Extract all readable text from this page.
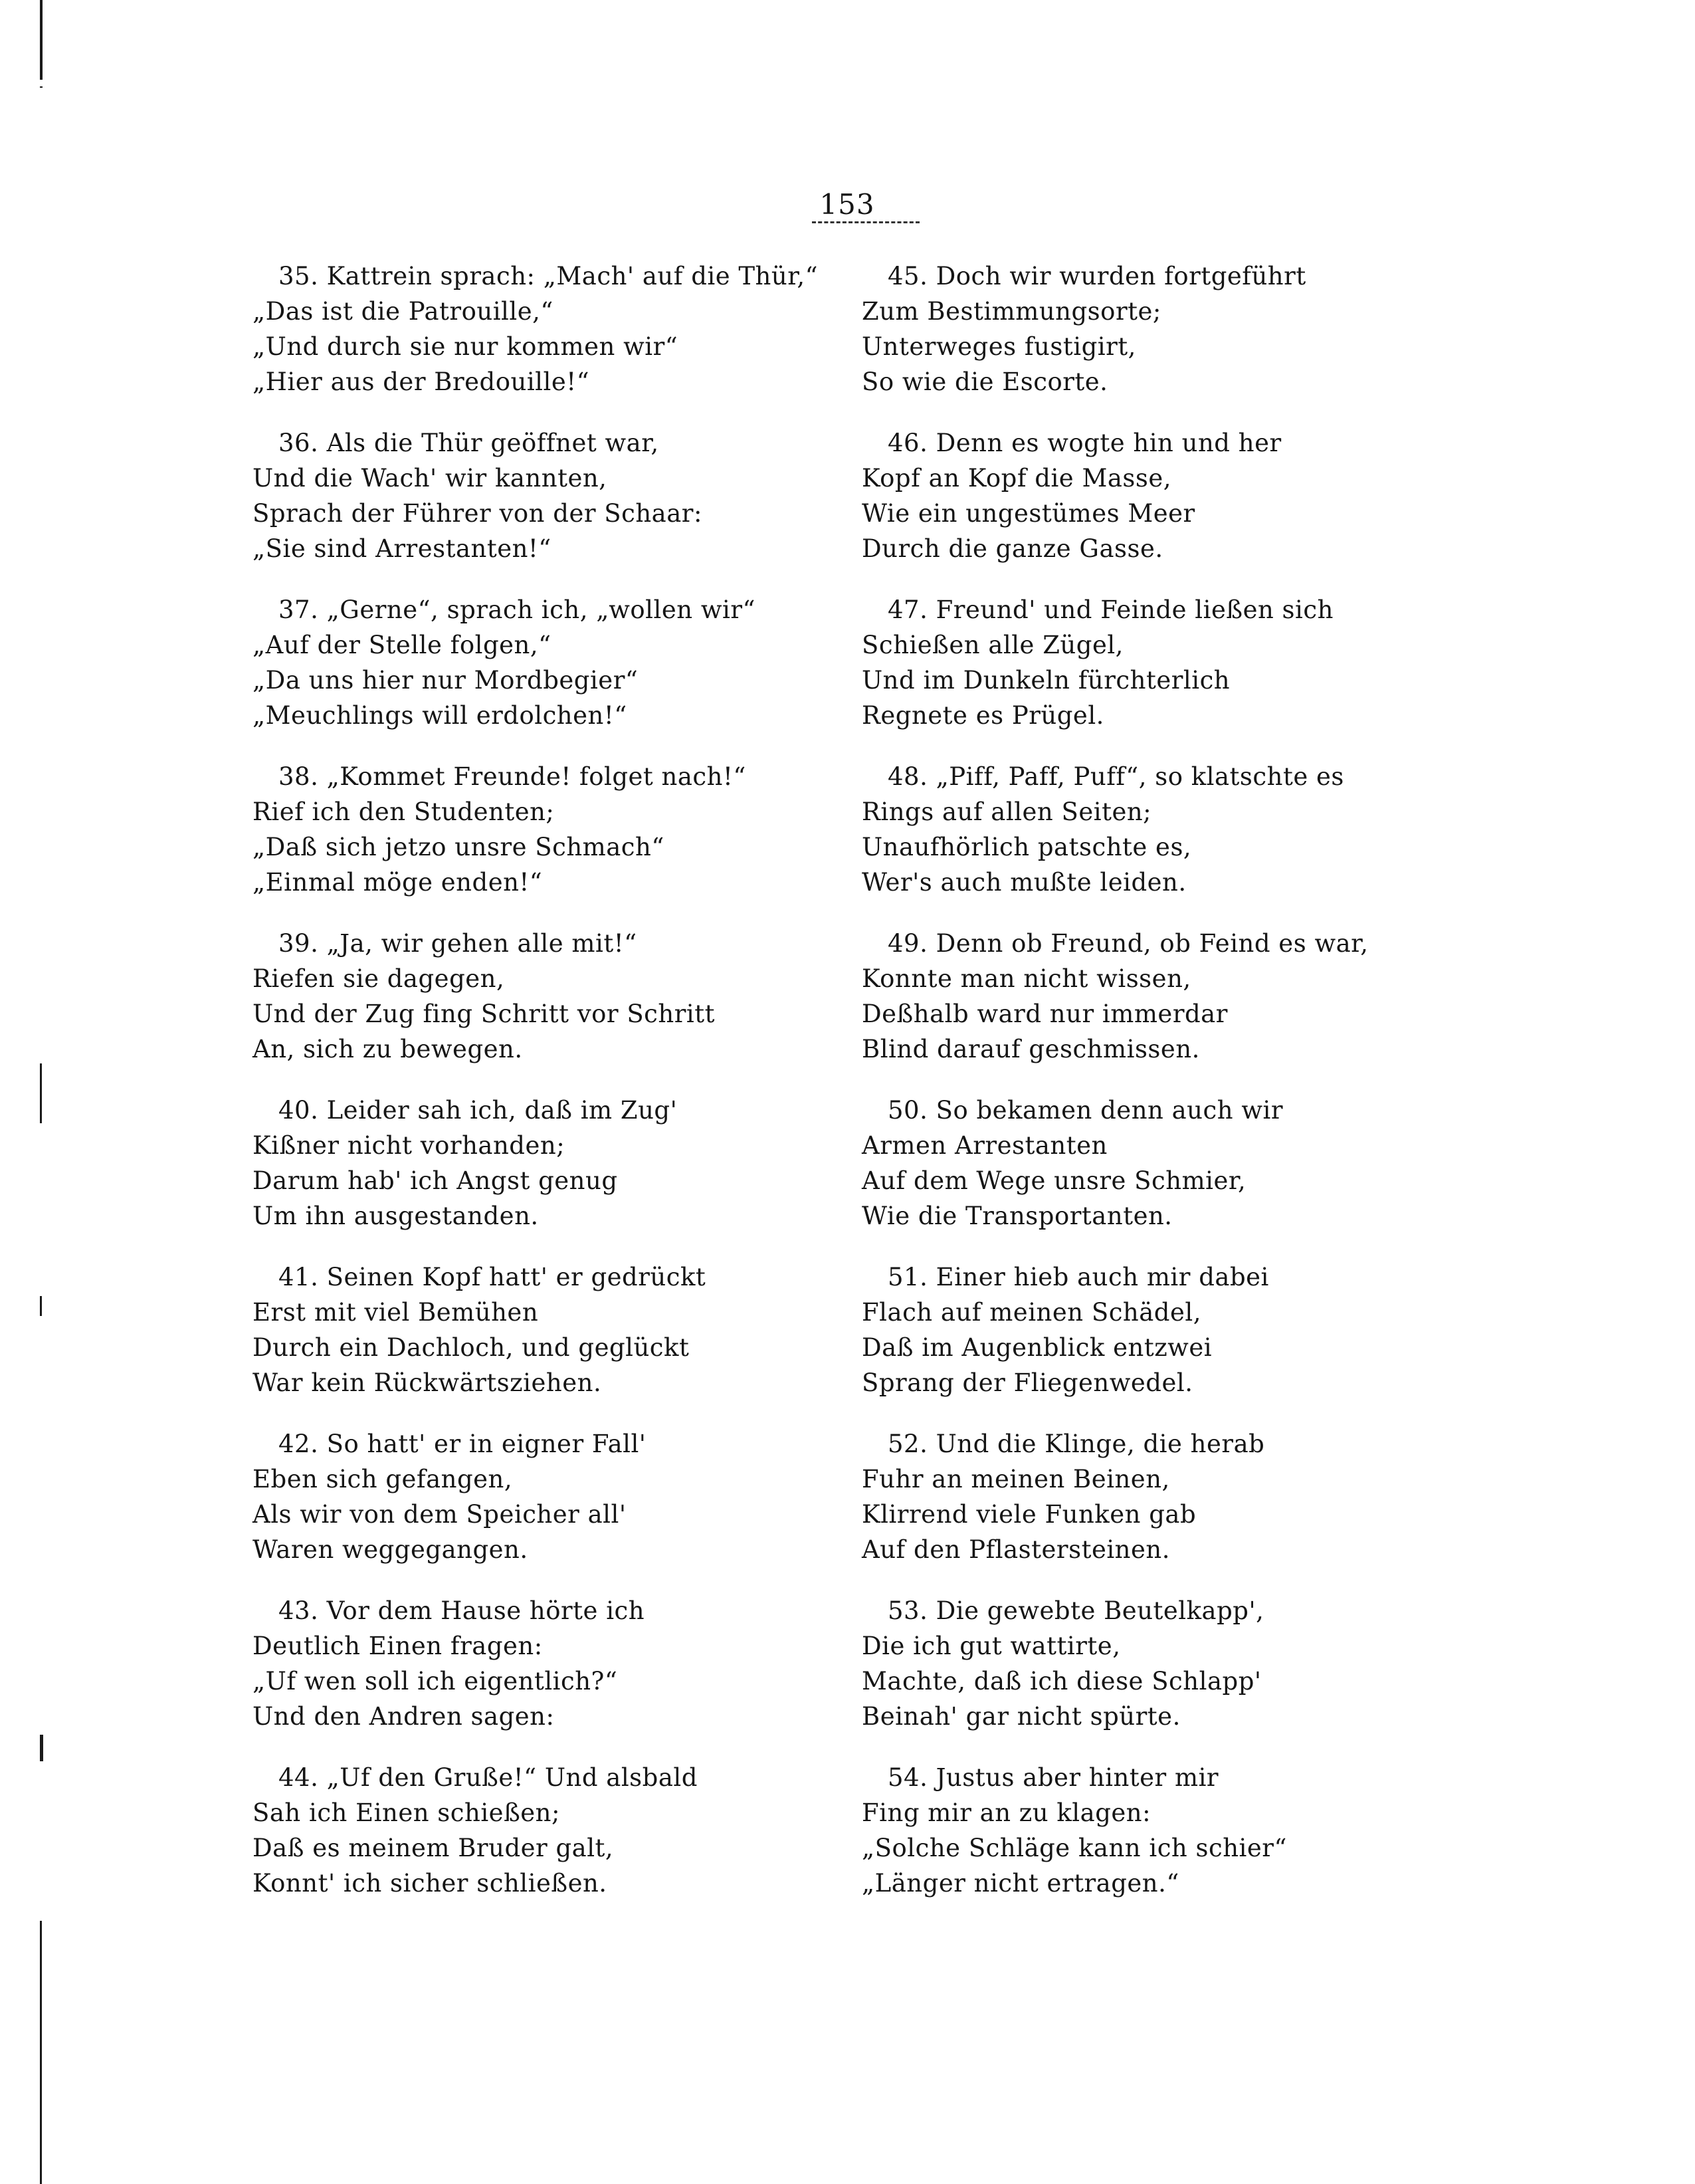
153
35. Kattrein sprach: „Mach' auf die Thür,“
„Das ist die Patrouille,“
„Und durch sie nur kommen wir“
„Hier aus der Bredouille!“
36. Als die Thür geöffnet war,
Und die Wach' wir kannten,
Sprach der Führer von der Schaar:
„Sie sind Arrestanten!“
37. „Gerne“, sprach ich, „wollen wir“
„Auf der Stelle folgen,“
„Da uns hier nur Mordbegier“
„Meuchlings will erdolchen!“
38. „Kommet Freunde! folget nach!“
Rief ich den Studenten;
„Daß sich jetzo unsre Schmach“
„Einmal möge enden!“
39. „Ja, wir gehen alle mit!“
Riefen sie dagegen,
Und der Zug fing Schritt vor Schritt
An, sich zu bewegen.
40. Leider sah ich, daß im Zug'
Kißner nicht vorhanden;
Darum hab' ich Angst genug
Um ihn ausgestanden.
41. Seinen Kopf hatt' er gedrückt
Erst mit viel Bemühen
Durch ein Dachloch, und geglückt
War kein Rückwärtsziehen.
42. So hatt' er in eigner Fall'
Eben sich gefangen,
Als wir von dem Speicher all'
Waren weggegangen.
43. Vor dem Hause hörte ich
Deutlich Einen fragen:
„Uf wen soll ich eigentlich?“
Und den Andren sagen:
44. „Uf den Gruße!“ Und alsbald
Sah ich Einen schießen;
Daß es meinem Bruder galt,
Konnt' ich sicher schließen.
45. Doch wir wurden fortgeführt
Zum Bestimmungsorte;
Unterweges fustigirt,
So wie die Escorte.
46. Denn es wogte hin und her
Kopf an Kopf die Masse,
Wie ein ungestümes Meer
Durch die ganze Gasse.
47. Freund' und Feinde ließen sich
Schießen alle Zügel,
Und im Dunkeln fürchterlich
Regnete es Prügel.
48. „Piff, Paff, Puff“, so klatschte es
Rings auf allen Seiten;
Unaufhörlich patschte es,
Wer's auch mußte leiden.
49. Denn ob Freund, ob Feind es war,
Konnte man nicht wissen,
Deßhalb ward nur immerdar
Blind darauf geschmissen.
50. So bekamen denn auch wir
Armen Arrestanten
Auf dem Wege unsre Schmier,
Wie die Transportanten.
51. Einer hieb auch mir dabei
Flach auf meinen Schädel,
Daß im Augenblick entzwei
Sprang der Fliegenwedel.
52. Und die Klinge, die herab
Fuhr an meinen Beinen,
Klirrend viele Funken gab
Auf den Pflastersteinen.
53. Die gewebte Beutelkapp',
Die ich gut wattirte,
Machte, daß ich diese Schlapp'
Beinah' gar nicht spürte.
54. Justus aber hinter mir
Fing mir an zu klagen:
„Solche Schläge kann ich schier“
„Länger nicht ertragen.“
